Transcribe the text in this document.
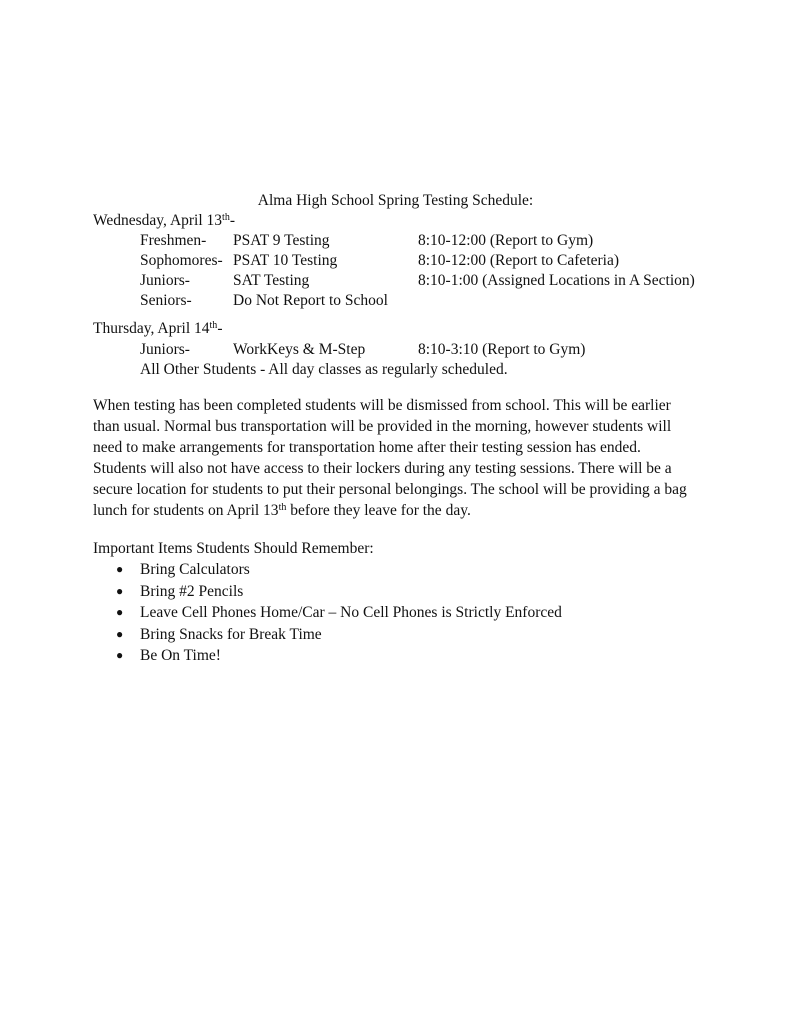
Alma High School Spring Testing Schedule:
Wednesday, April 13th-
Freshmen- PSAT 9 Testing	8:10-12:00 (Report to Gym)
Sophomores- PSAT 10 Testing	8:10-12:00 (Report to Cafeteria)
Juniors-	SAT Testing	8:10-1:00 (Assigned Locations in A Section)
Seniors-	Do Not Report to School
Thursday, April 14th-
Juniors-	WorkKeys & M-Step	8:10-3:10 (Report to Gym)
All Other Students - All day classes as regularly scheduled.
When testing has been completed students will be dismissed from school. This will be earlier
than usual. Normal bus transportation will be provided in the morning, however students will
need to make arrangements for transportation home after their testing session has ended.
Students will also not have access to their lockers during any testing sessions. There will be a
secure location for students to put their personal belongings. The school will be providing a bag
lunch for students on April 13th before they leave for the day.
Important Items Students Should Remember:
● Bring Calculators
● Bring #2 Pencils
● Leave Cell Phones Home/Car – No Cell Phones is Strictly Enforced
● Bring Snacks for Break Time
● Be On Time!
